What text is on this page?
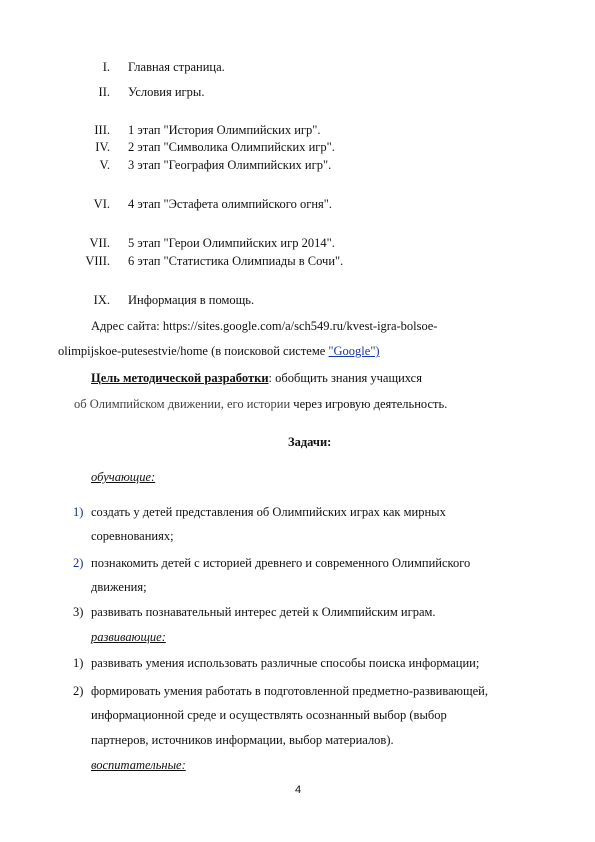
I. Главная страница.
II. Условия игры.
III. 1 этап "История Олимпийских игр".
IV. 2 этап "Символика Олимпийских игр".
V. 3 этап "География Олимпийских игр".
VI. 4 этап "Эстафета олимпийского огня".
VII. 5 этап "Герои Олимпийских игр 2014".
VIII. 6 этап "Статистика Олимпиады в Сочи".
IX. Информация в помощь.
Адрес сайта: https://sites.google.com/a/sch549.ru/kvest-igra-bolsoe-
olimpijskoe-putesestvie/home (в поисковой системе "Google")
Цель методической разработки: обобщить знания учащихся
об Олимпийском движении, его истории через игровую деятельность.
Задачи:
обучающие:
1) создать у детей представления об Олимпийских играх как мирных
соревнованиях;
2) познакомить детей с историей древнего и современного Олимпийского
движения;
3) развивать познавательный интерес детей к Олимпийским играм.
развивающие:
1) развивать умения использовать различные способы поиска информации;
2) формировать умения работать в подготовленной предметно-развивающей,
информационной среде и осуществлять осознанный выбор (выбор
партнеров, источников информации, выбор материалов).
воспитательные:
4
